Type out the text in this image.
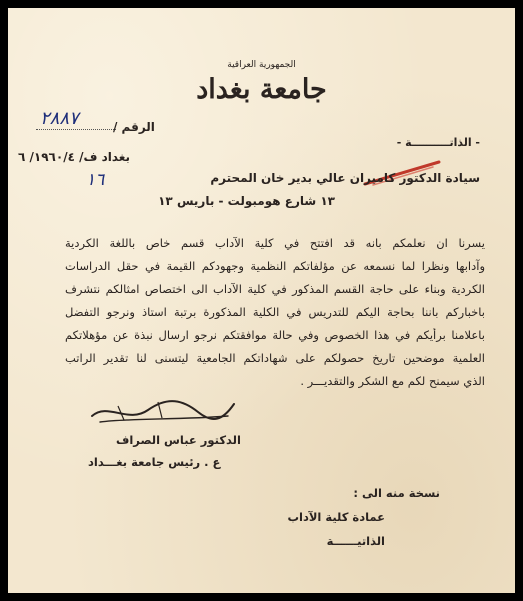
الجمهورية العراقية
جامعة بغداد
الرقم /
٢٨٨٧
بغداد ف/ ١٩٦٠/٤/ ٦
- الذاتــــــــــة -
١٦	سيادة الدكتور كاميران عالي بدير خان المحترم
١٣ شارع هومبولت - باريس ١٣
يسرنا ان نعلمكم بانه قد افتتح في كلية الآداب قسم خاص باللغة الكردية
وآدابها ونظرا لما نسمعه عن مؤلفاتكم النظمية وجهودكم القيمة في حقل الدراسات
الكردية وبناء على حاجة القسم المذكور في كلية الآداب الى اختصاص امثالكم نتشرف
باخباركم باننا بحاجة اليكم للتدريس في الكلية المذكورة برتبة استاذ ونرجو التفضل
باعلامنا برأيكم في هذا الخصوص وفي حالة موافقتكم نرجو ارسال نبذة عن مؤهلاتكم
العلمية موضحين تاريخ حصولكم على شهاداتكم الجامعية ليتسنى لنا تقدير الراتب
الذي سيمنح لكم مع الشكر والتقديـــر .
الدكتور عباس الصراف
ع . رئيس جامعة بغـــداد
نسخة منه الى :
عمادة كلية الآداب
الذاتيــــــة
